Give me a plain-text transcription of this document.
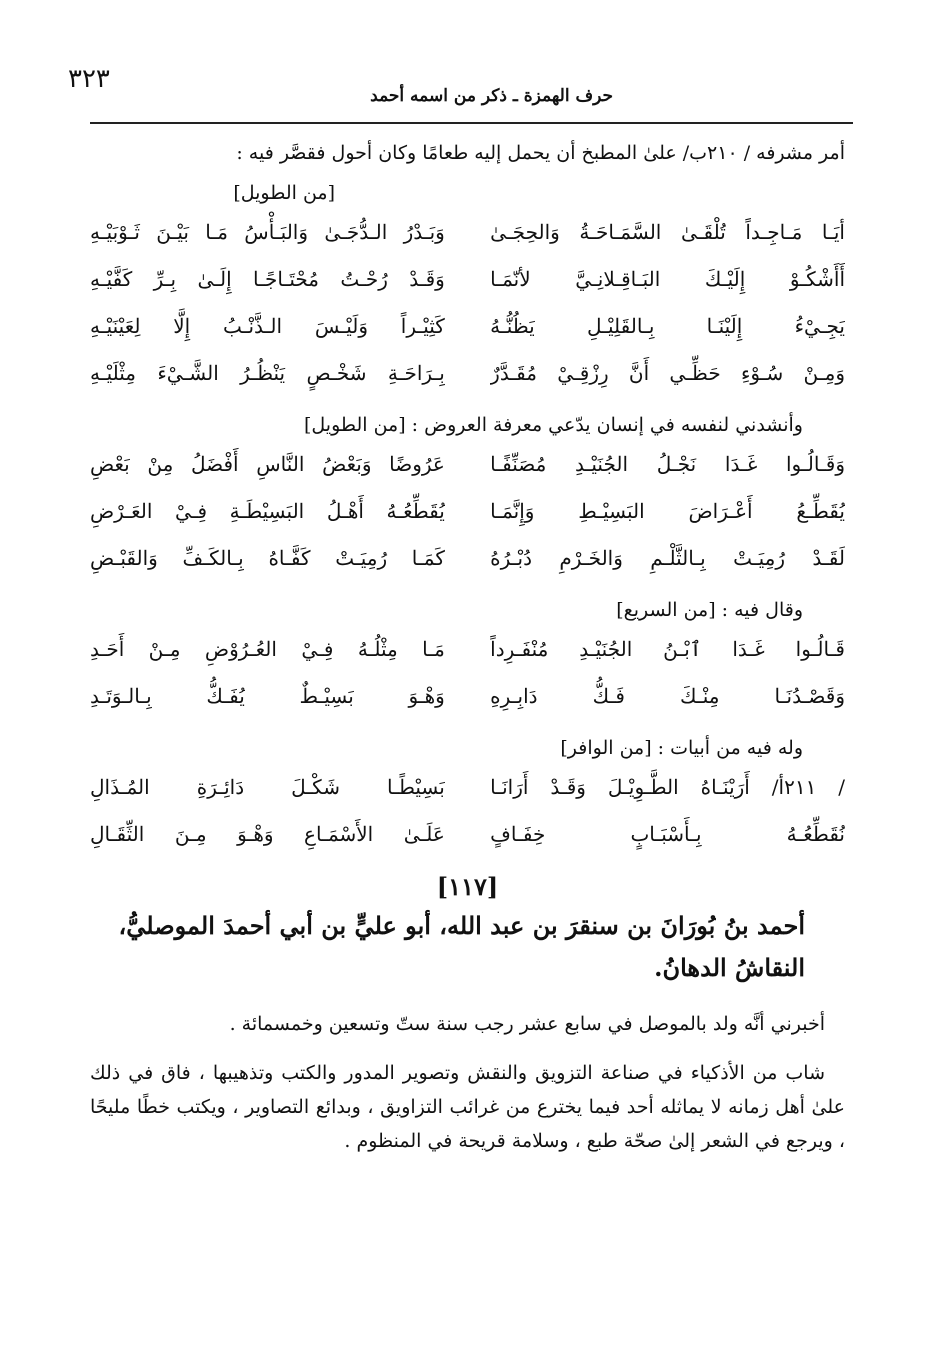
٣٢٣
حرف الهمزة ـ ذكر من اسمه أحمد

أمر مشرفه / ٢١٠ب/ علىٰ المطبخ أن يحمل إليه طعامًا وكان أحول فقصَّر فيه :

[من الطويل]

أيَـا مَـاجِـداً تُلْقَـىٰ السَّمَـاحَـةُ وَالحِجَـىٰ
وَبَـدْرُ الـدُّجَـىٰ وَالبَـأْسُ مَـا بَيْـنَ ثَـوْبَيْـهِ
أَأَشْكُـوْ إِلَيْـكَ البَـاقِـلانِـيَّ لأنّمَـا
وَقَـدْ رُحْـتُ مُحْتَـاجًـا إِلَـىٰ بِـرِّ كَفَّيْـهِ
يَجِـيْءُ إِلَيْنَـا بِـالقَلِيْـلِ يَظُنُّـهُ
كَثِيْـراً وَلَيْـسَ الـذَّنْـبُ إِلَّا لِعَيْنَيْـهِ
وَمِـنْ سُـوْءِ حَظِّـي أَنَّ رِزْقِـيْ مُقَـدَّرٌ
بِـرَاحَـةِ شَخْـصٍ يَنْظُـرُ الشَّـيْءَ مِثْلَيْـهِ

وأنشدني لنفسه في إنسان يدّعي معرفة العروض : [من الطويل]

وَقَـالُـوا غَـدَا نَجْـلُ الجُنَيْـدِ مُصَنِّفًـا
عَرُوضًا وَبَعْضُ النَّاسِ أَفْضَلُ مِنْ بَعْضِ
يُقَطِّـعُ أَعْـرَاضَ البَسِيْـطِ وَإِنَّمَـا
يُقَطِّعُـهُ أَهْـلُ البَسِيْطَـةِ فِـيْ العَـرْضِ
لَقَـدْ رُمِيَـتْ بِـالثَّلْـمِ وَالخَـرْمِ دُبْـرُهُ
كَمَـا رُمِيَـتْ كَفَّـاهُ بِـالكَـفِّ وَالقَبْـضِ

وقال فيه : [من السريع]

قَـالُـوا غَـدَا ٱبْـنُ الجُنَيْـدِ مُنْفَـرِداً
مَـا مِثْلُـهُ فِـيْ العُـرُوْضِ مِـنْ أَحَـدِ
وَقَصْـدُنَـا مِنْـكَ فَـكُّ دَابِـرِهِ
وَهْـوَ بَسِيْـطٌ يُفَـكُّ بِـالـوَتَـدِ

وله فيه من أبيات : [من الوافر]

/ ٢١١أ/ أَرَيْنَـاهُ الطَّـوِيْـلَ وَقَـدْ أَرَانَـا
بَسِيْطًـا شَكْـلَ دَائِـرَةِ المُـذَالِ
نُقَطِّعُـهُ بِـأَسْبَـابٍ خِفَـافٍ
عَلَـىٰ الأَسْمَـاعِ وَهْـوَ مِـنَ الثِّقَـالِ
[١١٧]

أحمد بنُ بُورَانَ بن سنقرَ بن عبد الله، أبو عليٍّ بن أبي أحمدَ الموصليُّ، النقاشُ الدهانُ.

أخبرني أنَّه ولد بالموصل في سابع عشر رجب سنة ستّ وتسعين وخمسمائة .

شاب من الأذكياء في صناعة التزويق والنقش وتصوير المدور والكتب وتذهيبها ، فاق في ذلك علىٰ أهل زمانه لا يماثله أحد فيما يخترع من غرائب التزاويق ، وبدائع التصاوير ، ويكتب خطًا مليحًا ، ويرجع في الشعر إلىٰ صحّة طبع ، وسلامة قريحة في المنظوم .
